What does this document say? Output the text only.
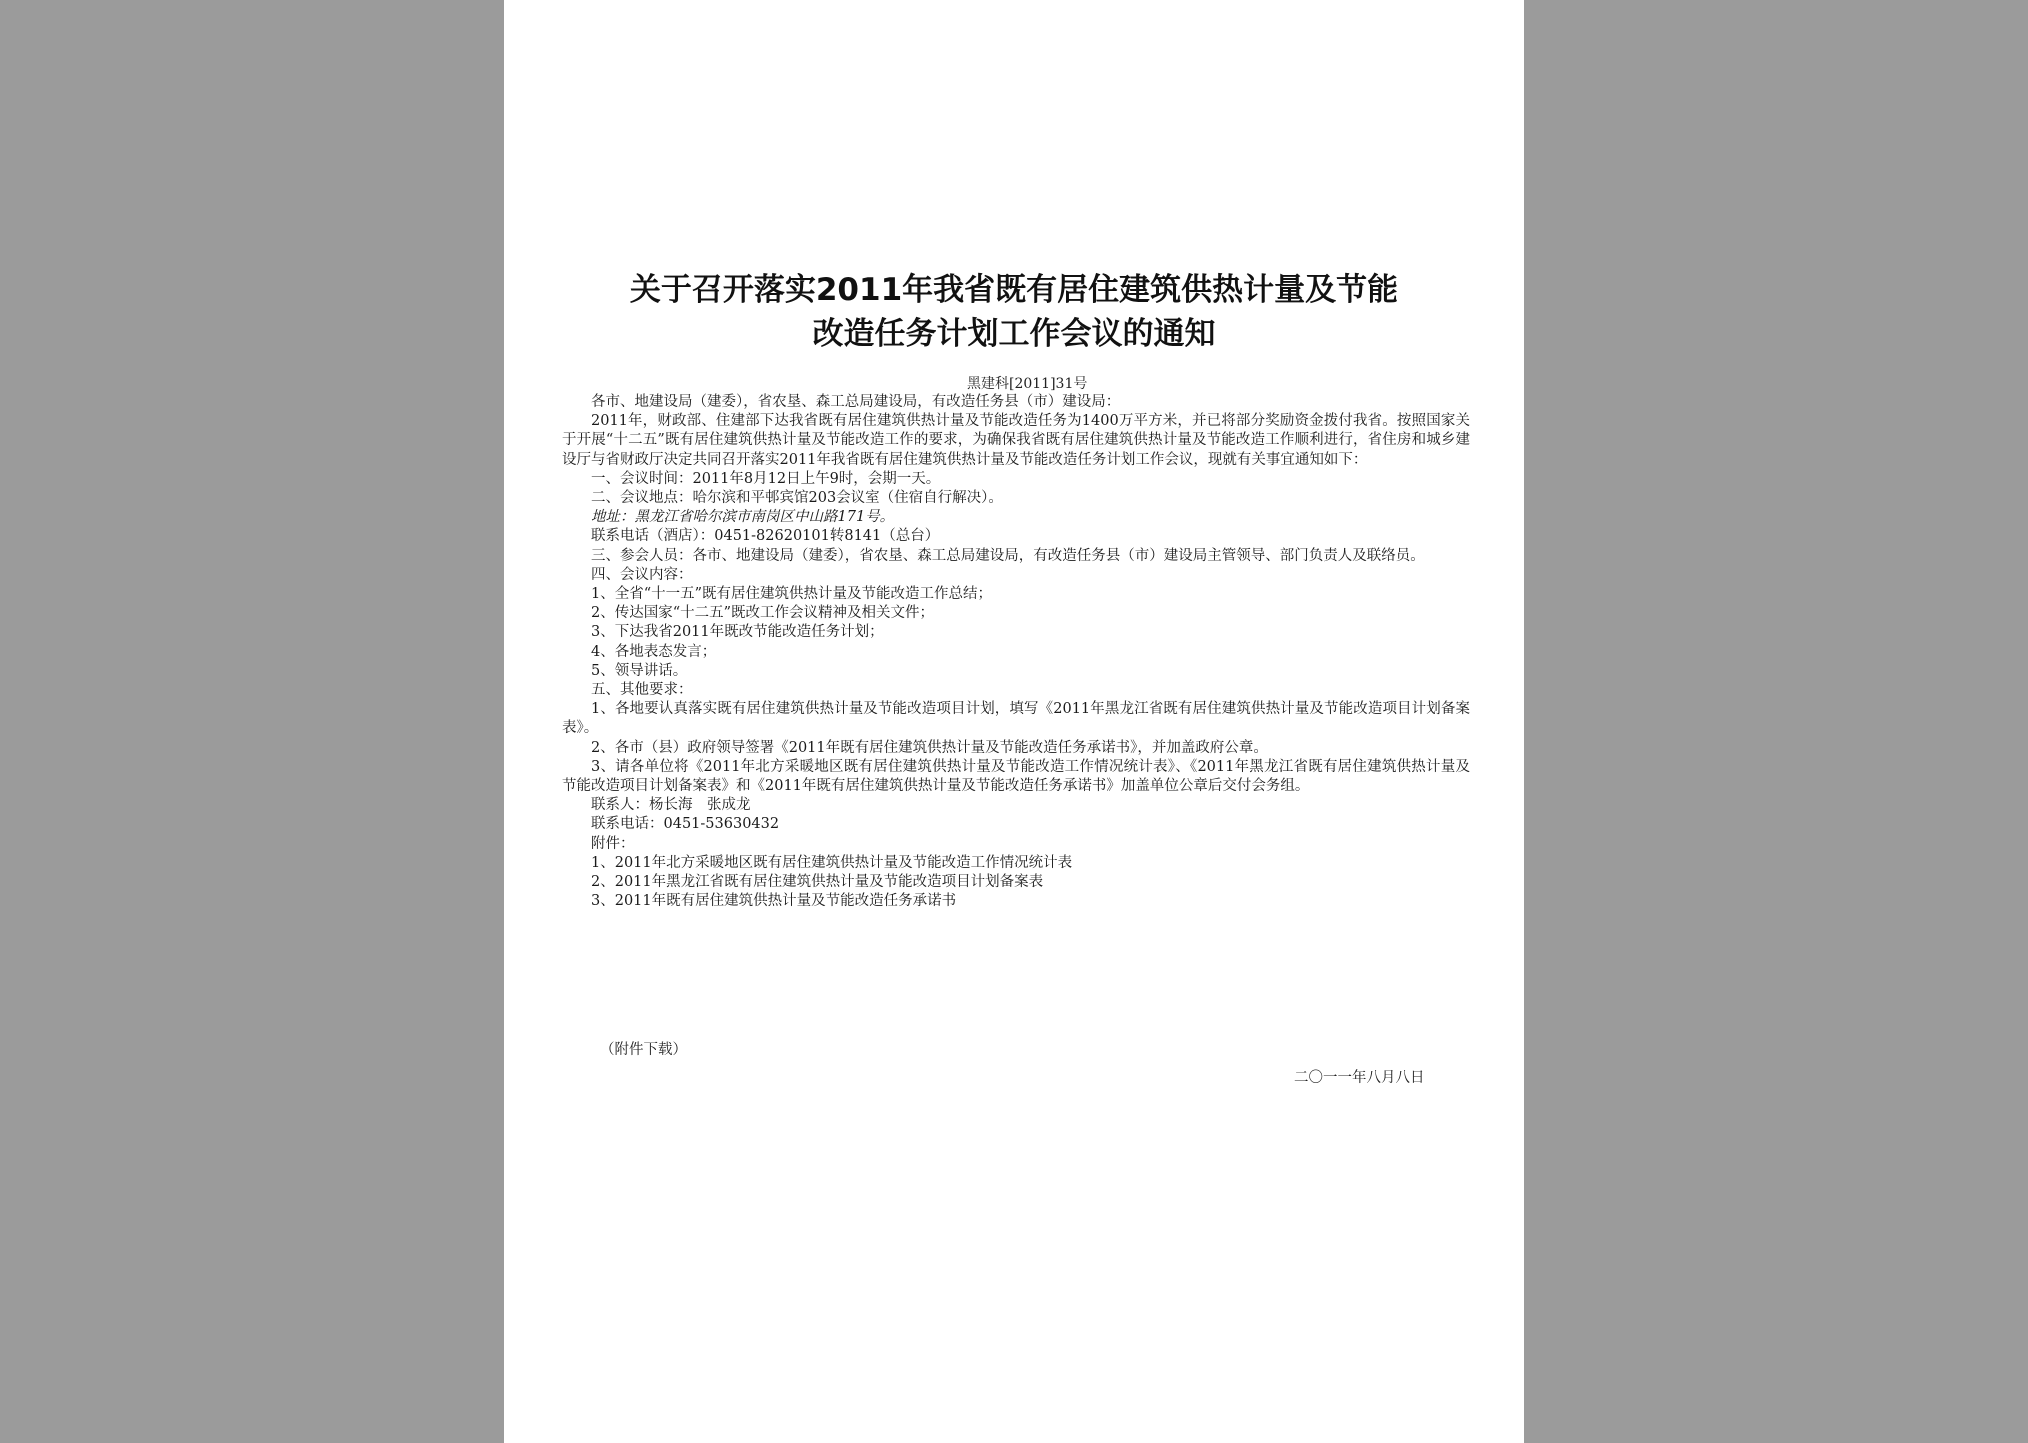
关于召开落实2011年我省既有居住建筑供热计量及节能
改造任务计划工作会议的通知
黑建科[2011]31号

各市、地建设局（建委），省农垦、森工总局建设局，有改造任务县（市）建设局：

2011年，财政部、住建部下达我省既有居住建筑供热计量及节能改造任务为1400万平方米，并已将部分奖励资金拨付我省。按照国家关于开展“十二五”既有居住建筑供热计量及节能改造工作的要求，为确保我省既有居住建筑供热计量及节能改造工作顺利进行，省住房和城乡建设厅与省财政厅决定共同召开落实2011年我省既有居住建筑供热计量及节能改造任务计划工作会议，现就有关事宜通知如下：

一、会议时间：2011年8月12日上午9时，会期一天。

二、会议地点：哈尔滨和平邨宾馆203会议室（住宿自行解决）。

地址：黑龙江省哈尔滨市南岗区中山路171号。

联系电话（酒店）：0451-82620101转8141（总台）

三、参会人员：各市、地建设局（建委），省农垦、森工总局建设局，有改造任务县（市）建设局主管领导、部门负责人及联络员。

四、会议内容：

1、全省“十一五”既有居住建筑供热计量及节能改造工作总结；

2、传达国家“十二五”既改工作会议精神及相关文件；

3、下达我省2011年既改节能改造任务计划；

4、各地表态发言；

5、领导讲话。

五、其他要求：

1、各地要认真落实既有居住建筑供热计量及节能改造项目计划，填写《2011年黑龙江省既有居住建筑供热计量及节能改造项目计划备案表》。

2、各市（县）政府领导签署《2011年既有居住建筑供热计量及节能改造任务承诺书》，并加盖政府公章。

3、请各单位将《2011年北方采暖地区既有居住建筑供热计量及节能改造工作情况统计表》、《2011年黑龙江省既有居住建筑供热计量及节能改造项目计划备案表》和《2011年既有居住建筑供热计量及节能改造任务承诺书》加盖单位公章后交付会务组。

联系人：杨长海　张成龙

联系电话：0451-53630432

附件：

1、2011年北方采暖地区既有居住建筑供热计量及节能改造工作情况统计表

2、2011年黑龙江省既有居住建筑供热计量及节能改造项目计划备案表

3、2011年既有居住建筑供热计量及节能改造任务承诺书

（附件下载）
二〇一一年八月八日
